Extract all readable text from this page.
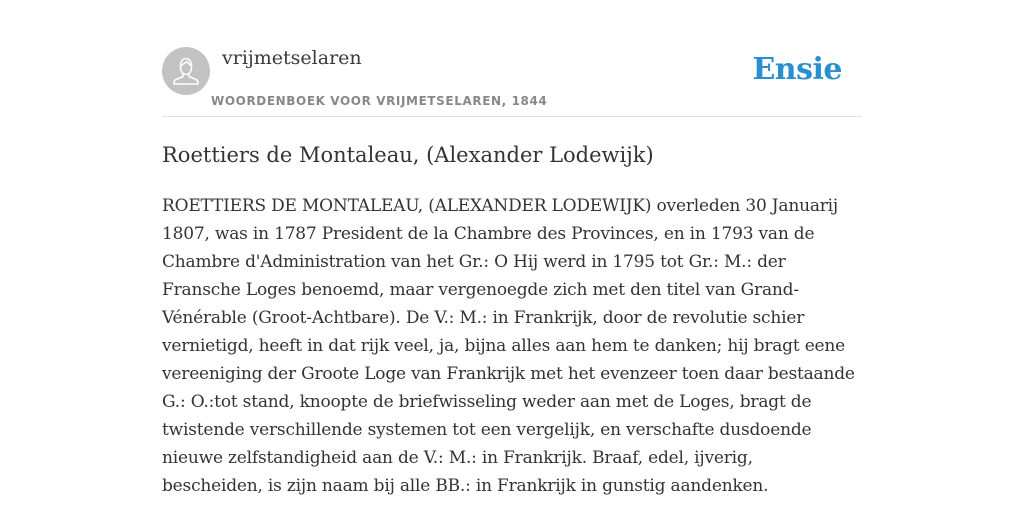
vrijmetselaren
WOORDENBOEK VOOR VRIJMETSELAREN, 1844
Ensie
Roettiers de Montaleau, (Alexander Lodewijk)

ROETTIERS DE MONTALEAU, (ALEXANDER LODEWIJK) overleden 30 Januarij
1807, was in 1787 President de la Chambre des Provinces, en in 1793 van de
Chambre d'Administration van het Gr.: O Hij werd in 1795 tot Gr.: M.: der
Fransche Loges benoemd, maar vergenoegde zich met den titel van Grand-
Vénérable (Groot-Achtbare). De V.: M.: in Frankrijk, door de revolutie schier
vernietigd, heeft in dat rijk veel, ja, bijna alles aan hem te danken; hij bragt eene
vereeniging der Groote Loge van Frankrijk met het evenzeer toen daar bestaande
G.: O.:tot stand, knoopte de briefwisseling weder aan met de Loges, bragt de
twistende verschillende systemen tot een vergelijk, en verschafte dusdoende
nieuwe zelfstandigheid aan de V.: M.: in Frankrijk. Braaf, edel, ijverig,
bescheiden, is zijn naam bij alle BB.: in Frankrijk in gunstig aandenken.
